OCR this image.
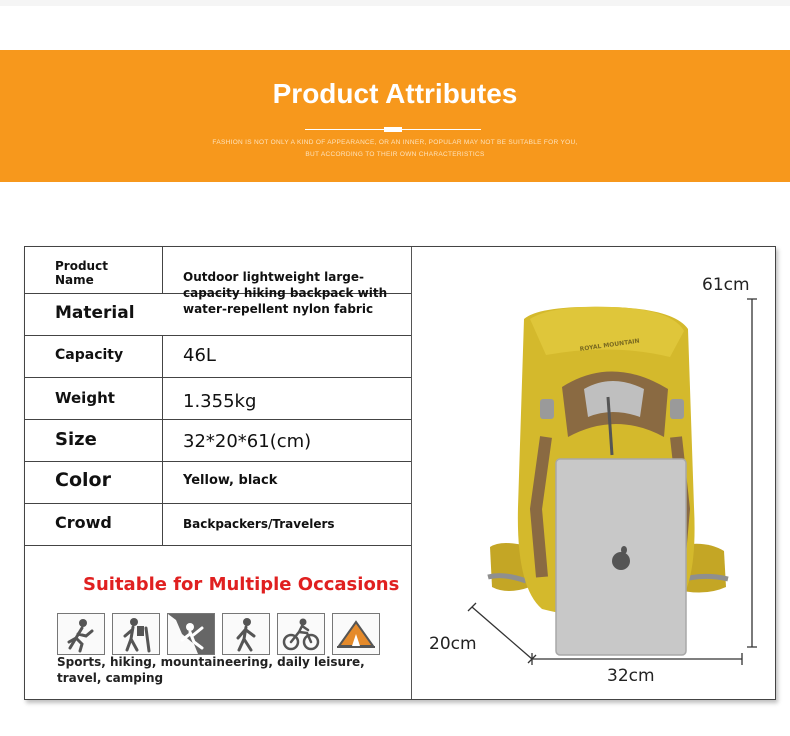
Product Attributes
FASHION IS NOT ONLY A KIND OF APPEARANCE, OR AN INNER, POPULAR MAY NOT BE SUITABLE FOR YOU,
BUT ACCORDING TO THEIR OWN CHARACTERISTICS
Product
Name	Outdoor lightweight large-capacity hiking backpack with water-repellent nylon fabric
Material
Capacity	46L
Weight	1.355kg
Size	32*20*61(cm)
Color	Yellow, black
Crowd	Backpackers/Travelers
Suitable for Multiple Occasions
Sports, hiking, mountaineering, daily leisure, travel, camping
ROYAL MOUNTAIN
61cm
20cm
32cm
